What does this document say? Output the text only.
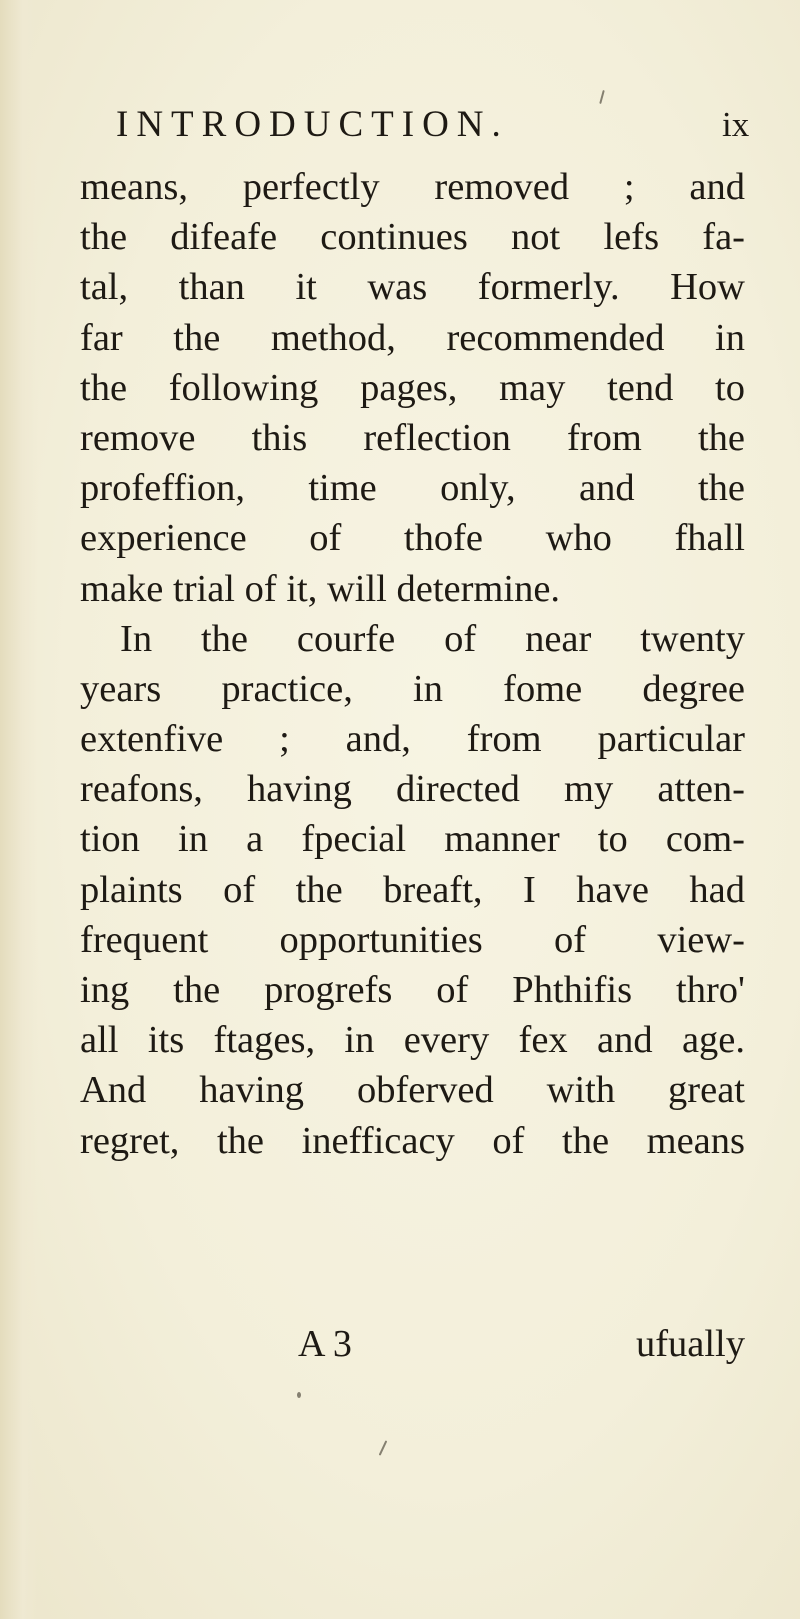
INTRODUCTION.	ix
means, perfectly removed ; and
the difeafe continues not lefs fa-
tal, than it was formerly. How
far the method, recommended in
the following pages, may tend to
remove this reflection from the
profeffion, time only, and the
experience of thofe who fhall
make trial of it, will determine.
In the courfe of near twenty
years practice, in fome degree
extenfive ; and, from particular
reafons, having directed my atten-
tion in a fpecial manner to com-
plaints of the breaft, I have had
frequent opportunities of view-
ing the progrefs of Phthifis thro'
all its ftages, in every fex and age.
And having obferved with great
regret, the inefficacy of the means
A 3	ufually
